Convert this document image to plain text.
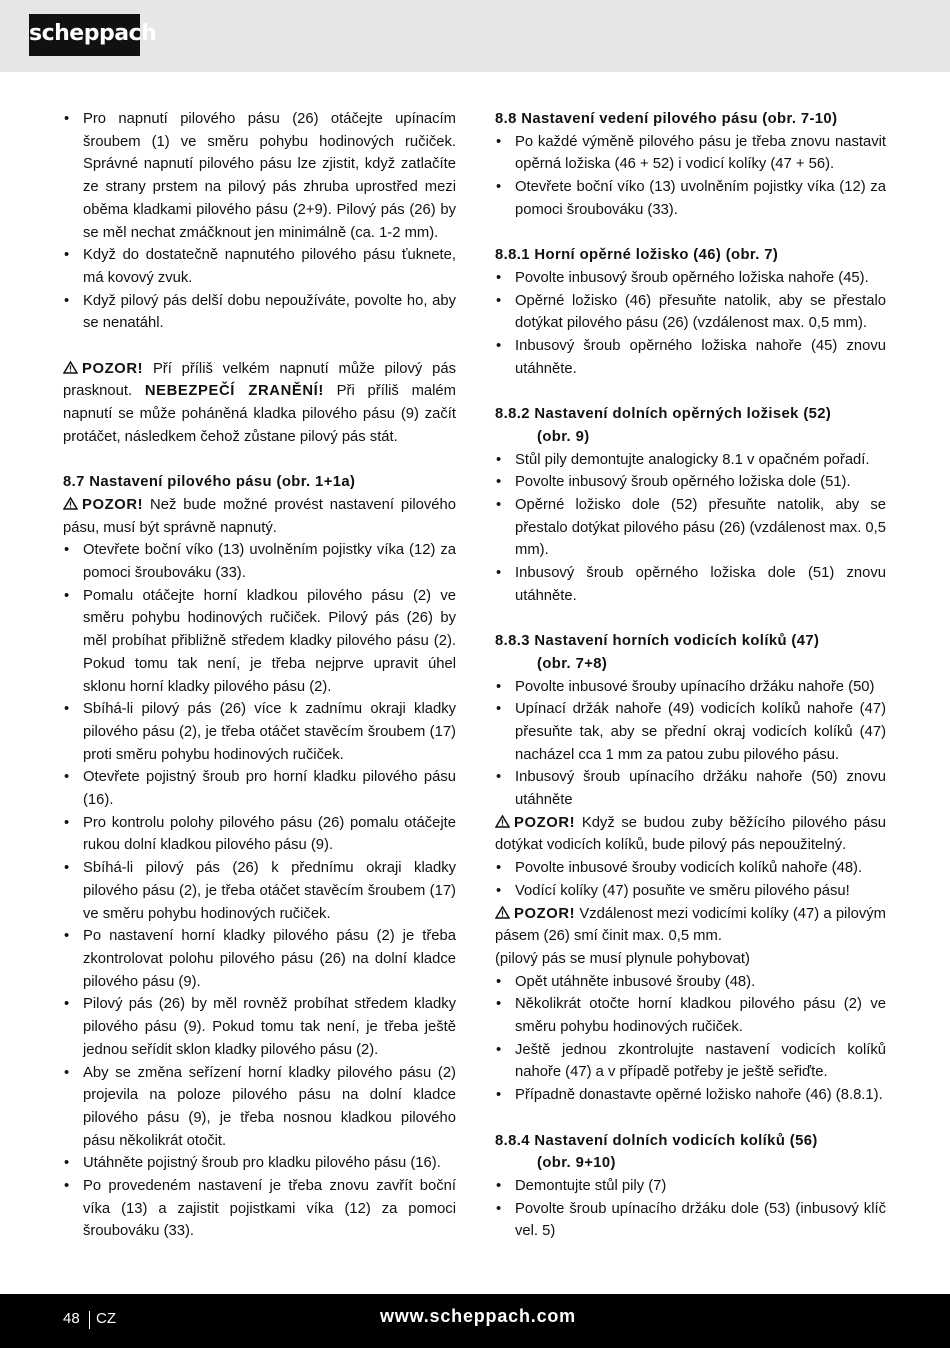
scheppach
• Pro napnutí pilového pásu (26) otáčejte upínacím šroubem (1) ve směru pohybu hodinových ručiček. Správné napnutí pilového pásu lze zjistit, když zatlačíte ze strany prstem na pilový pás zhruba uprostřed mezi oběma kladkami pilového pásu (2+9). Pilový pás (26) by se měl nechat zmáčknout jen minimálně (ca. 1-2 mm).
• Když do dostatečně napnutého pilového pásu ťuknete, má kovový zvuk.
• Když pilový pás delší dobu nepoužíváte, povolte ho, aby se nenatáhl.

POZOR! Pří příliš velkém napnutí může pilový pás prasknout. NEBEZPEČÍ ZRANĚNÍ! Při příliš malém napnutí se může poháněná kladka pilového pásu (9) začít protáčet, následkem čehož zůstane pilový pás stát.

8.7 Nastavení pilového pásu (obr. 1+1a)

POZOR! Než bude možné provést nastavení pilového pásu, musí být správně napnutý.

• Otevřete boční víko (13) uvolněním pojistky víka (12) za pomoci šroubováku (33).
• Pomalu otáčejte horní kladkou pilového pásu (2) ve směru pohybu hodinových ručiček. Pilový pás (26) by měl probíhat přibližně středem kladky pilového pásu (2). Pokud tomu tak není, je třeba nejprve upravit úhel sklonu horní kladky pilového pásu (2).
• Sbíhá-li pilový pás (26) více k zadnímu okraji kladky pilového pásu (2), je třeba otáčet stavěcím šroubem (17) proti směru pohybu hodinových ručiček.
• Otevřete pojistný šroub pro horní kladku pilového pásu (16).
• Pro kontrolu polohy pilového pásu (26) pomalu otáčejte rukou dolní kladkou pilového pásu (9).
• Sbíhá-li pilový pás (26) k přednímu okraji kladky pilového pásu (2), je třeba otáčet stavěcím šroubem (17) ve směru pohybu hodinových ručiček.
• Po nastavení horní kladky pilového pásu (2) je třeba zkontrolovat polohu pilového pásu (26) na dolní kladce pilového pásu (9).
• Pilový pás (26) by měl rovněž probíhat středem kladky pilového pásu (9). Pokud tomu tak není, je třeba ještě jednou seřídit sklon kladky pilového pásu (2).
• Aby se změna seřízení horní kladky pilového pásu (2) projevila na poloze pilového pásu na dolní kladce pilového pásu (9), je třeba nosnou kladkou pilového pásu několikrát otočit.
• Utáhněte pojistný šroub pro kladku pilového pásu (16).
• Po provedeném nastavení je třeba znovu zavřít boční víka (13) a zajistit pojistkami víka (12) za pomoci šroubováku (33).
8.8 Nastavení vedení pilového pásu (obr. 7-10)
• Po každé výměně pilového pásu je třeba znovu nastavit opěrná ložiska (46 + 52) i vodicí kolíky (47 + 56).
• Otevřete boční víko (13) uvolněním pojistky víka (12) za pomoci šroubováku (33).
8.8.1 Horní opěrné ložisko (46) (obr. 7)
• Povolte inbusový šroub opěrného ložiska nahoře (45).
• Opěrné ložisko (46) přesuňte natolik, aby se přestalo dotýkat pilového pásu (26) (vzdálenost max. 0,5 mm).
• Inbusový šroub opěrného ložiska nahoře (45) znovu utáhněte.
8.8.2 Nastavení dolních opěrných ložisek (52)
(obr. 9)
• Stůl pily demontujte analogicky 8.1 v opačném pořadí.
• Povolte inbusový šroub opěrného ložiska dole (51).
• Opěrné ložisko dole (52) přesuňte natolik, aby se přestalo dotýkat pilového pásu (26) (vzdálenost max. 0,5 mm).
• Inbusový šroub opěrného ložiska dole (51) znovu utáhněte.
8.8.3 Nastavení horních vodicích kolíků (47)
(obr. 7+8)
• Povolte inbusové šrouby upínacího držáku nahoře (50)
• Upínací držák nahoře (49) vodicích kolíků nahoře (47) přesuňte tak, aby se přední okraj vodicích kolíků (47) nacházel cca 1 mm za patou zubu pilového pásu.
• Inbusový šroub upínacího držáku nahoře (50) znovu utáhněte

POZOR! Když se budou zuby běžícího pilového pásu dotýkat vodicích kolíků, bude pilový pás nepoužitelný.

• Povolte inbusové šrouby vodicích kolíků nahoře (48).
• Vodící kolíky (47) posuňte ve směru pilového pásu!

POZOR! Vzdálenost mezi vodicími kolíky (47) a pilovým pásem (26) smí činit max. 0,5 mm.

(pilový pás se musí plynule pohybovat)

• Opět utáhněte inbusové šrouby (48).
• Několikrát otočte horní kladkou pilového pásu (2) ve směru pohybu hodinových ručiček.
• Ještě jednou zkontrolujte nastavení vodicích kolíků nahoře (47) a v případě potřeby je ještě seřiďte.
• Případně donastavte opěrné ložisko nahoře (46) (8.8.1).
8.8.4 Nastavení dolních vodicích kolíků (56)
(obr. 9+10)
• Demontujte stůl pily (7)
• Povolte šroub upínacího držáku dole (53) (inbusový klíč vel. 5)
48 CZ	www.scheppach.com
